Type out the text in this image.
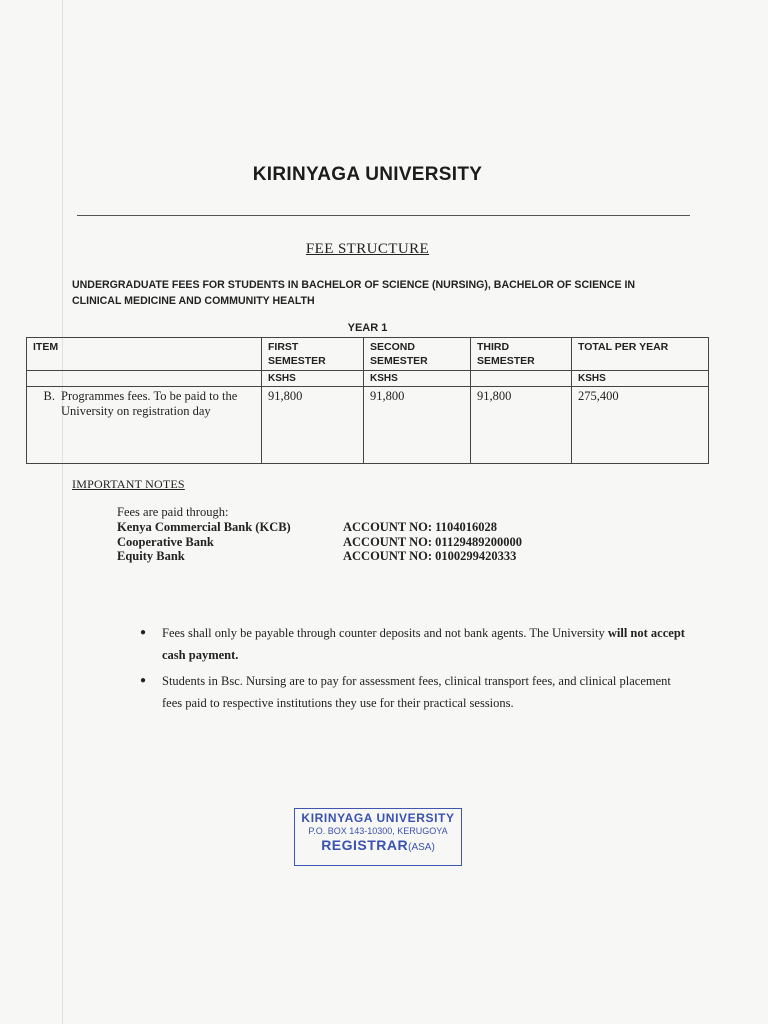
KIRINYAGA UNIVERSITY
FEE STRUCTURE
UNDERGRADUATE FEES FOR STUDENTS IN BACHELOR OF SCIENCE (NURSING), BACHELOR OF SCIENCE IN CLINICAL MEDICINE AND COMMUNITY HEALTH
YEAR 1
ITEM	FIRST SEMESTER	SECOND SEMESTER	THIRD SEMESTER	TOTAL PER YEAR
	KSHS	KSHS		KSHS

B. Programmes fees. To be paid to the University on registration day	91,800	91,800	91,800	275,400
IMPORTANT NOTES
Fees are paid through:
Kenya Commercial Bank (KCB)	ACCOUNT NO: 1104016028
Cooperative Bank	ACCOUNT NO: 01129489200000
Equity Bank	ACCOUNT NO: 0100299420333
●	Fees shall only be payable through counter deposits and not bank agents. The University will not accept cash payment.
●	Students in Bsc. Nursing are to pay for assessment fees, clinical transport fees, and clinical placement fees paid to respective institutions they use for their practical sessions.
KIRINYAGA UNIVERSITY
P.O. BOX 143-10300, KERUGOYA
REGISTRAR(ASA)
